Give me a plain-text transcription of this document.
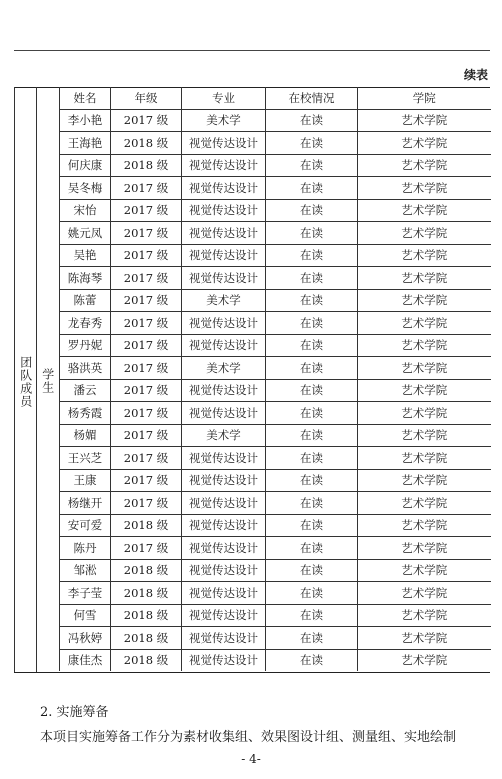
续表
团队成员 学生
姓名	年级	专业	在校情况	学院
李小艳	2017 级	美术学	在读	艺术学院
王海艳	2018 级	视觉传达设计	在读	艺术学院
何庆康	2018 级	视觉传达设计	在读	艺术学院
吴冬梅	2017 级	视觉传达设计	在读	艺术学院
宋怡	2017 级	视觉传达设计	在读	艺术学院
姚元凤	2017 级	视觉传达设计	在读	艺术学院
吴艳	2017 级	视觉传达设计	在读	艺术学院
陈海琴	2017 级	视觉传达设计	在读	艺术学院
陈蕾	2017 级	美术学	在读	艺术学院
龙春秀	2017 级	视觉传达设计	在读	艺术学院
罗丹妮	2017 级	视觉传达设计	在读	艺术学院
骆洪英	2017 级	美术学	在读	艺术学院
潘云	2017 级	视觉传达设计	在读	艺术学院
杨秀霞	2017 级	视觉传达设计	在读	艺术学院
杨媚	2017 级	美术学	在读	艺术学院
王兴芝	2017 级	视觉传达设计	在读	艺术学院
王康	2017 级	视觉传达设计	在读	艺术学院
杨继开	2017 级	视觉传达设计	在读	艺术学院
安可爱	2018 级	视觉传达设计	在读	艺术学院
陈丹	2017 级	视觉传达设计	在读	艺术学院
邹淞	2018 级	视觉传达设计	在读	艺术学院
李子莹	2018 级	视觉传达设计	在读	艺术学院
何雪	2018 级	视觉传达设计	在读	艺术学院
冯秋婷	2018 级	视觉传达设计	在读	艺术学院
康佳杰	2018 级	视觉传达设计	在读	艺术学院
2. 实施筹备
本项目实施筹备工作分为素材收集组、效果图设计组、测量组、实地绘制
- 4-
